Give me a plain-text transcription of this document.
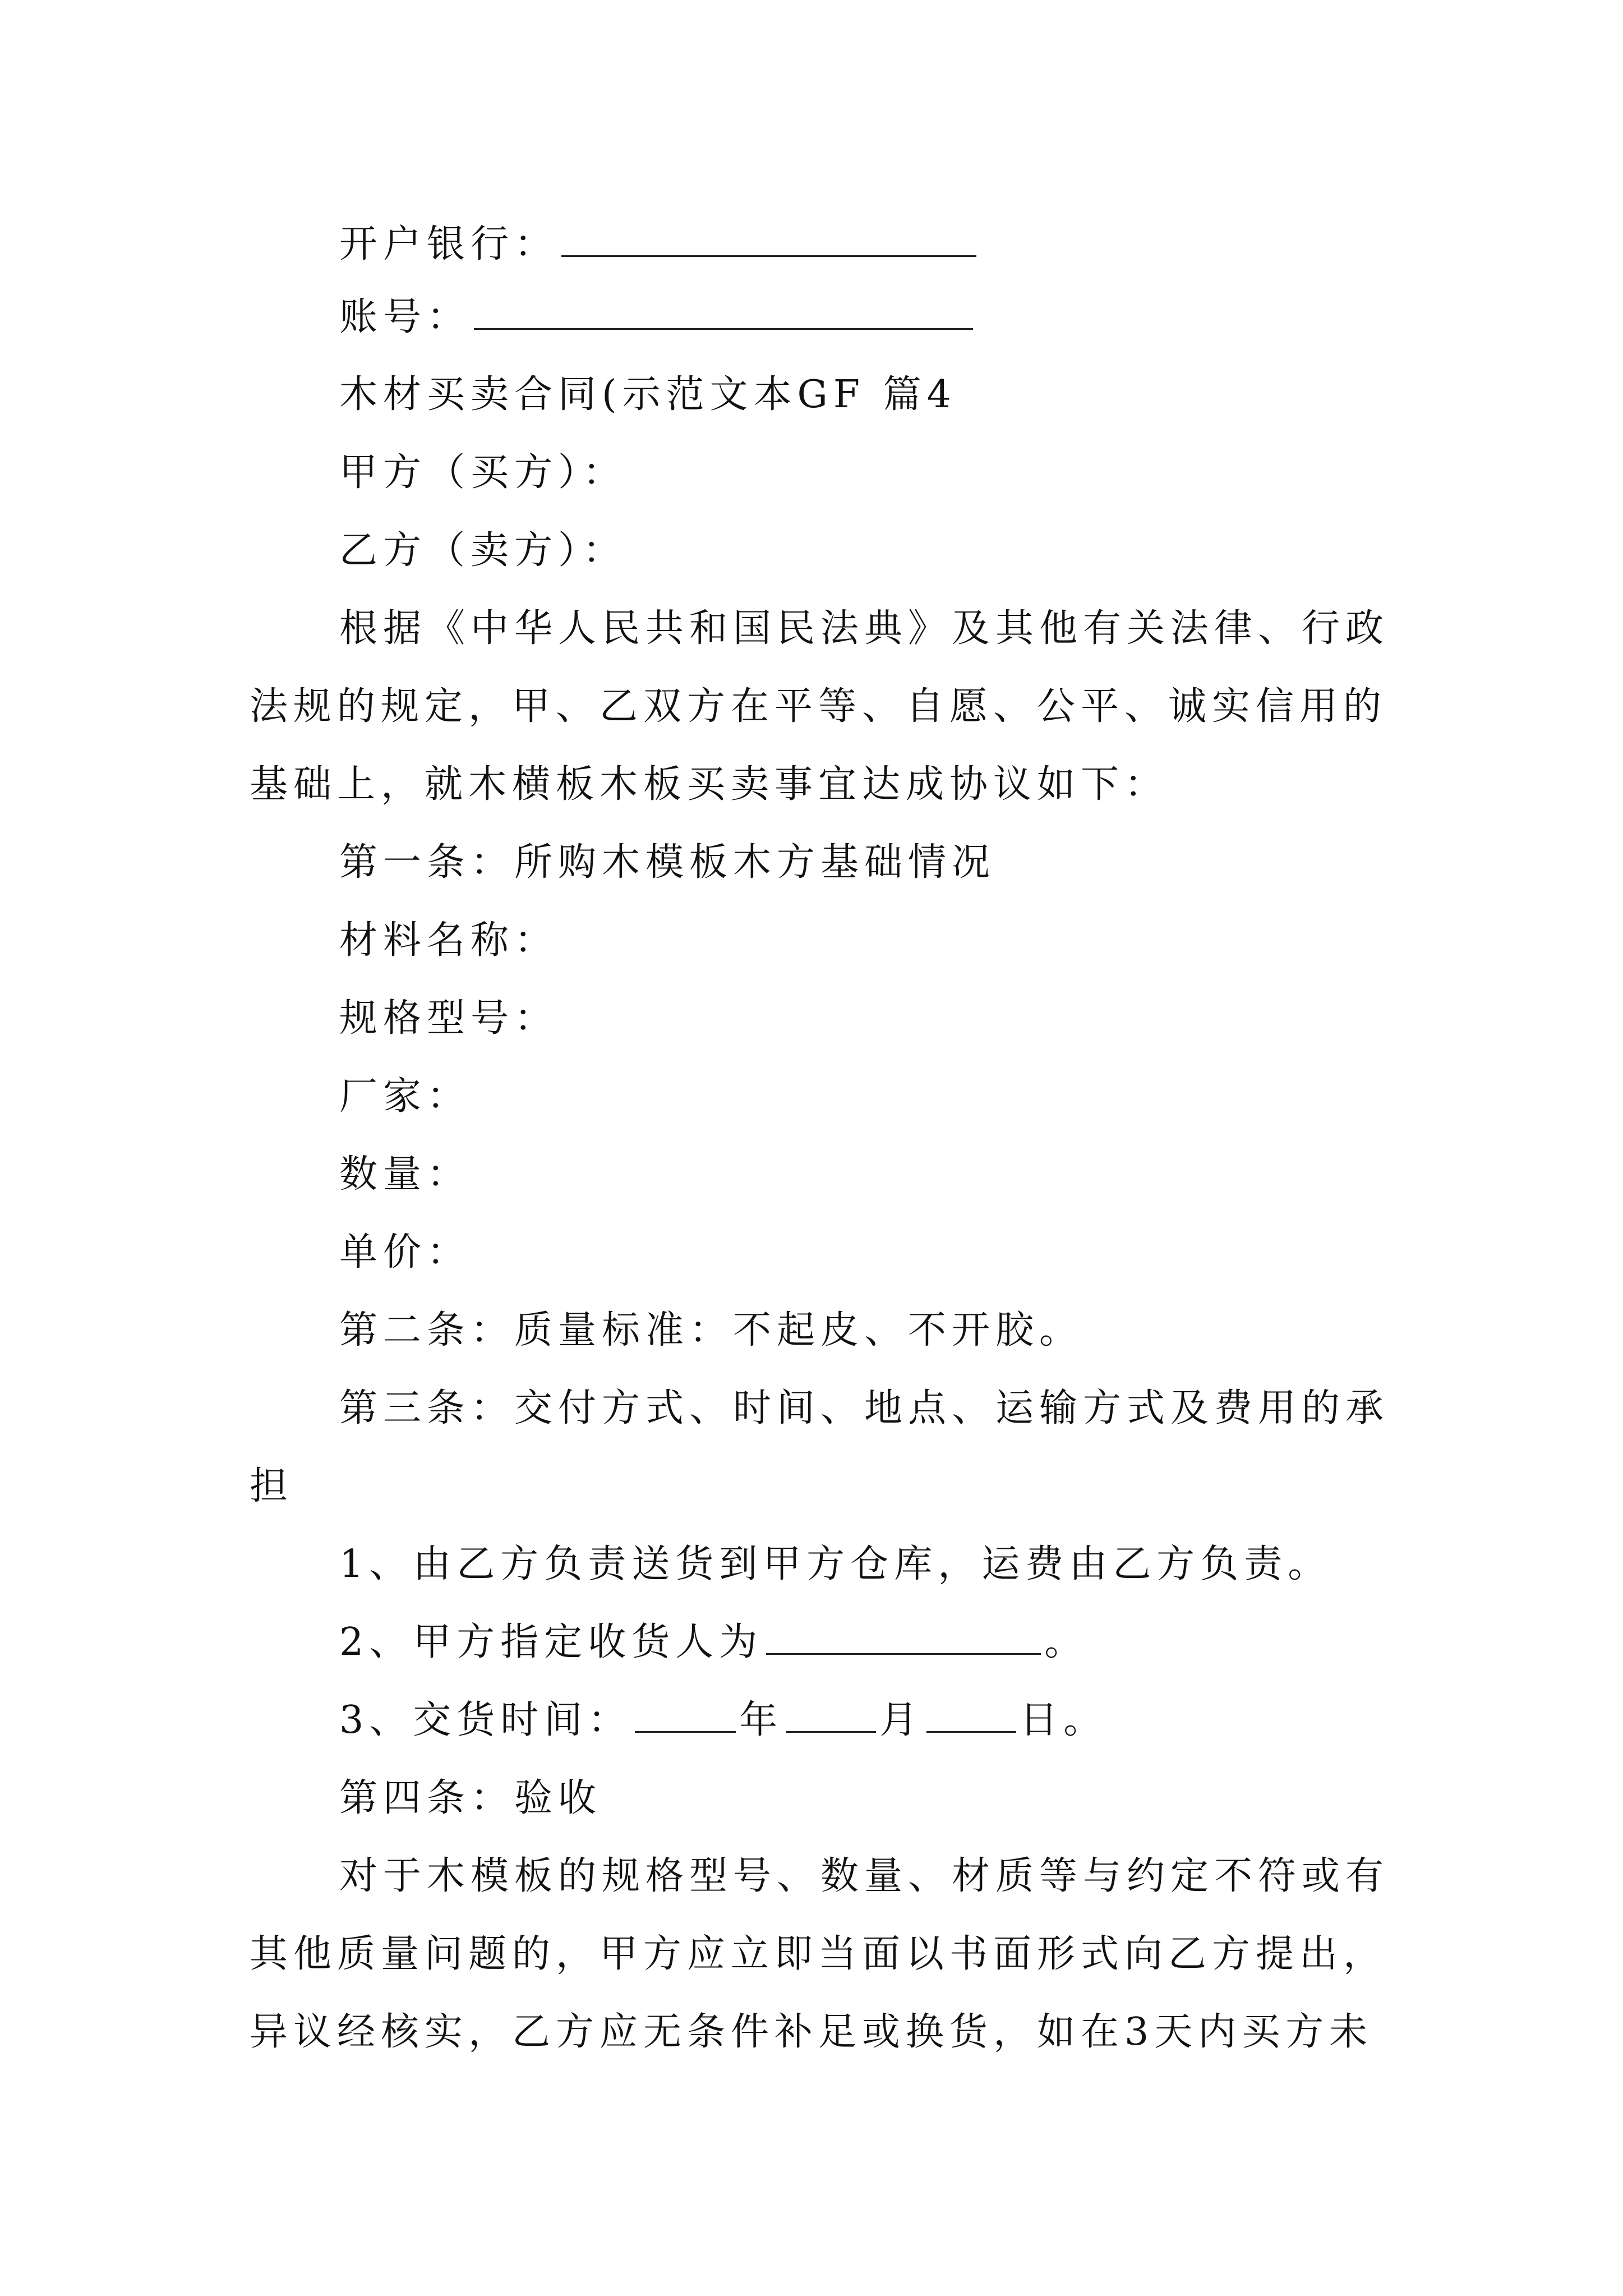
开户银行：
账号：
木材买卖合同(示范文本GF 篇4
甲方（买方）：
乙方（卖方）：
根据《中华人民共和国民法典》及其他有关法律、行政
法规的规定，甲、乙双方在平等、自愿、公平、诚实信用的
基础上，就木横板木板买卖事宜达成协议如下：
第一条：所购木模板木方基础情况
材料名称：
规格型号：
厂家：
数量：
单价：
第二条：质量标准：不起皮、不开胶。
第三条：交付方式、时间、地点、运输方式及费用的承
担
1、由乙方负责送货到甲方仓库，运费由乙方负责。
2、甲方指定收货人为	。
3、交货时间：	年	月	日。
第四条：验收
对于木模板的规格型号、数量、材质等与约定不符或有
其他质量问题的，甲方应立即当面以书面形式向乙方提出，
异议经核实，乙方应无条件补足或换货，如在3天内买方未
